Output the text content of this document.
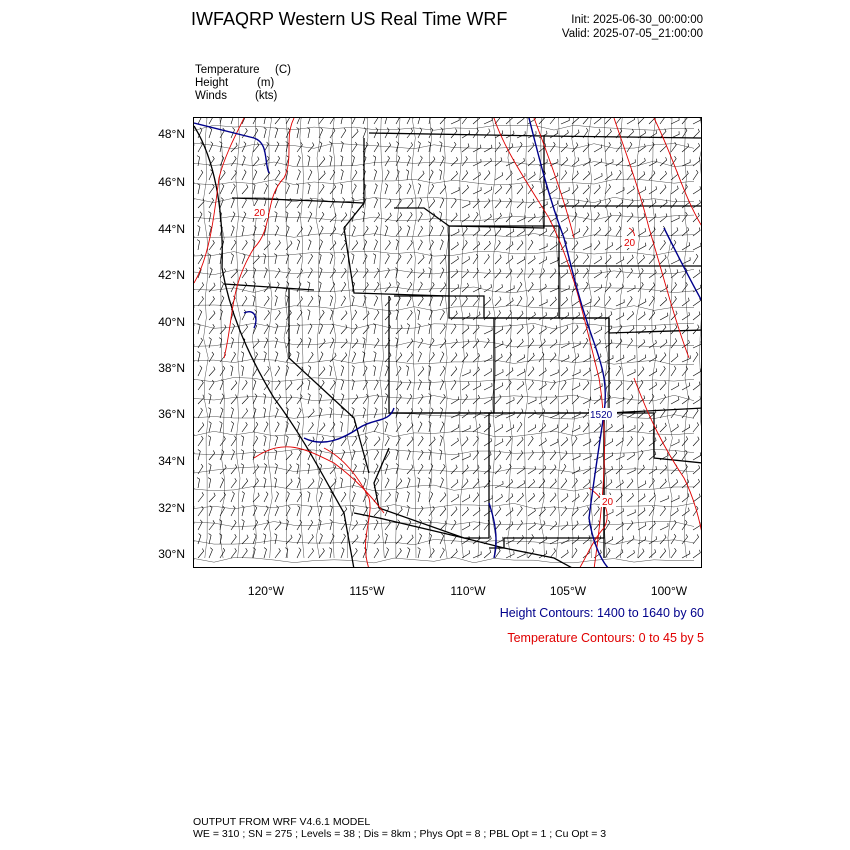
IWFAQRP Western US Real Time WRF	Init: 2025-06-30_00:00:00
Valid: 2025-07-05_21:00:00
Temperature (C)
Height	(m)
Winds (kts)
1520
20
20
20
48°N
46°N
44°N
42°N
40°N
38°N
36°N
34°N
32°N
30°N
120°W	115°W	110°W	105°W	100°W
Height Contours: 1400 to 1640 by 60
Temperature Contours: 0 to 45 by 5
OUTPUT FROM WRF V4.6.1 MODEL
WE = 310 ; SN = 275 ; Levels = 38 ; Dis = 8km ; Phys Opt = 8 ; PBL Opt = 1 ; Cu Opt = 3
